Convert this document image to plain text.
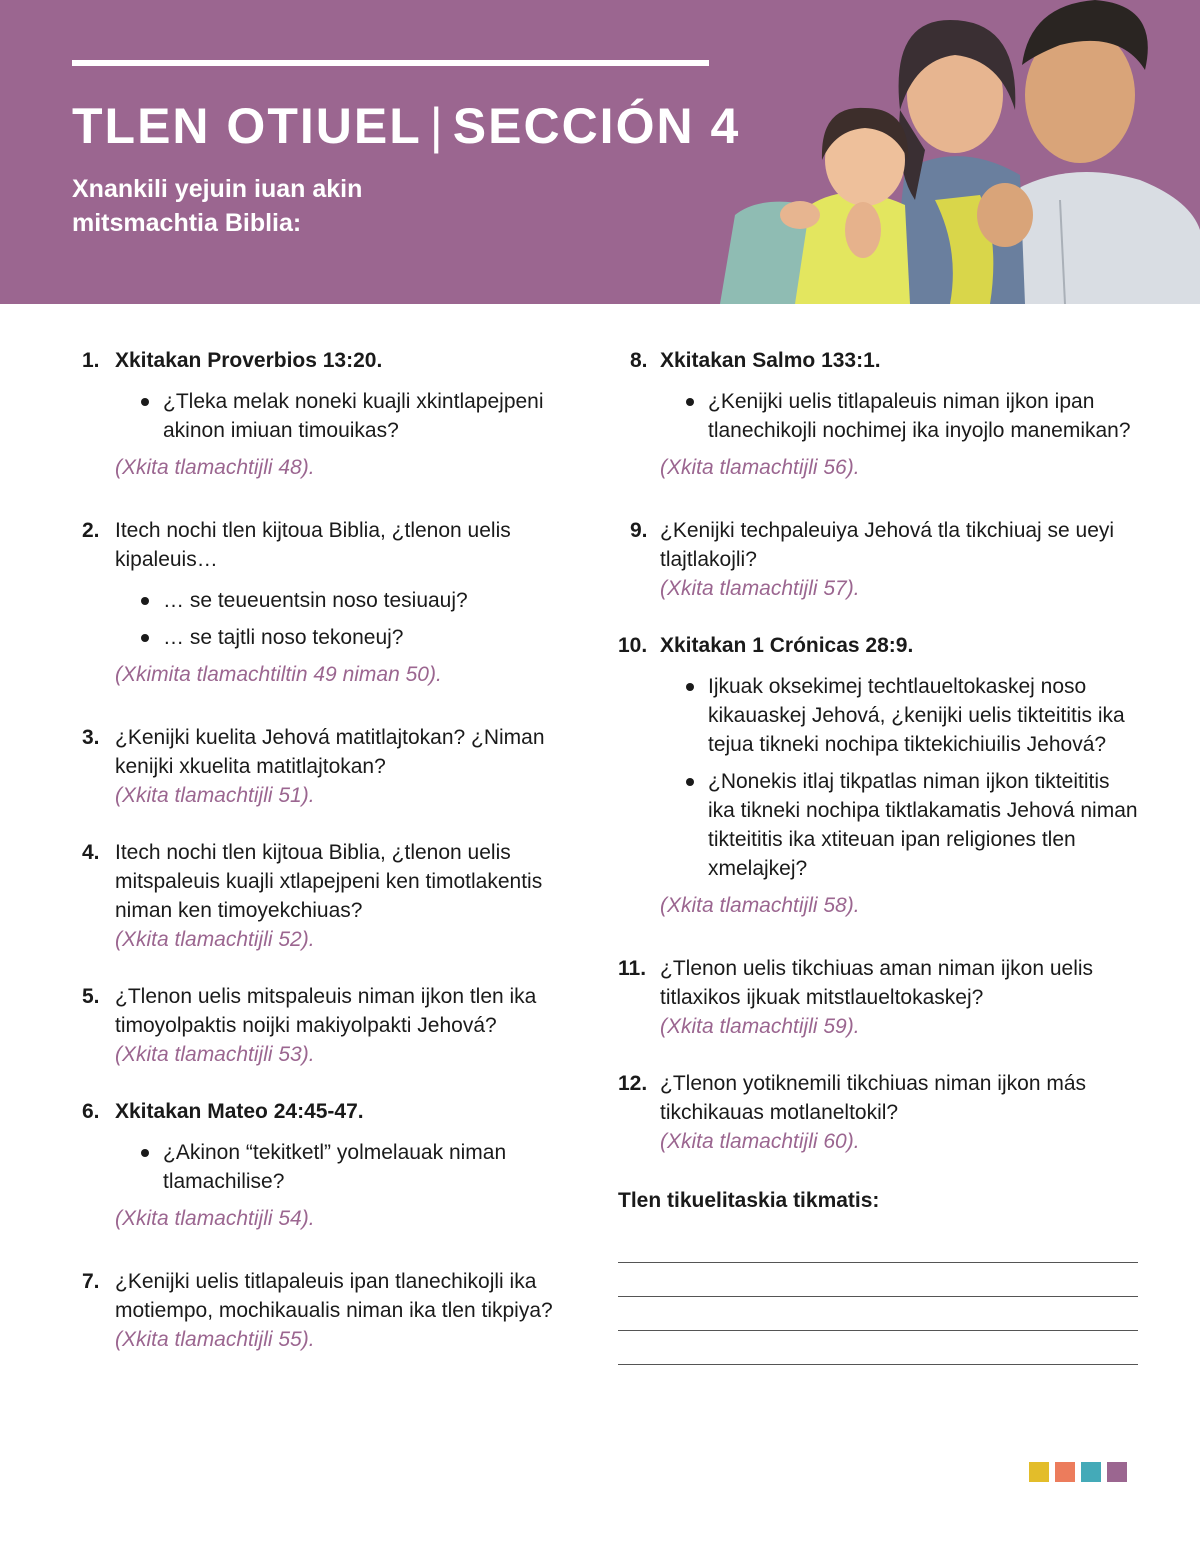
TLEN OTIUEL | SECCIÓN 4

Xnankili yejuin iuan akin mitsmachtia Biblia:

1. Xkitakan Proverbios 13:20.
¿Tleka melak noneki kuajli xkintlapejpeni akinon imiuan timouikas?
(Xkita tlamachtijli 48).
2. Itech nochi tlen kijtoua Biblia, ¿tlenon uelis kipaleuis…
… se teueuentsin noso tesiuauj?
… se tajtli noso tekoneuj?
(Xkimita tlamachtiltin 49 niman 50).
3. ¿Kenijki kuelita Jehová matitlajtokan? ¿Niman kenijki xkuelita matitlajtokan?
(Xkita tlamachtijli 51).
4. Itech nochi tlen kijtoua Biblia, ¿tlenon uelis mitspaleuis kuajli xtlapejpeni ken timotlakentis niman ken timoyekchiuas?
(Xkita tlamachtijli 52).
5. ¿Tlenon uelis mitspaleuis niman ijkon tlen ika timoyolpaktis noijki makiyolpakti Jehová?
(Xkita tlamachtijli 53).
6. Xkitakan Mateo 24:45-47.
¿Akinon “tekitketl” yolmelauak niman tlamachilise?
(Xkita tlamachtijli 54).
7. ¿Kenijki uelis titlapaleuis ipan tlanechikojli ika motiempo, mochikaualis niman ika tlen tikpiya?
(Xkita tlamachtijli 55).
8. Xkitakan Salmo 133:1.
¿Kenijki uelis titlapaleuis niman ijkon ipan tlanechikojli nochimej ika inyojlo manemikan?
(Xkita tlamachtijli 56).
9. ¿Kenijki techpaleuiya Jehová tla tikchiuaj se ueyi tlajtlakojli?
(Xkita tlamachtijli 57).
10. Xkitakan 1 Crónicas 28:9.
Ijkuak oksekimej techtlaueltokaskej noso kikauaskej Jehová, ¿kenijki uelis tikteititis ika tejua tikneki nochipa tiktekichiuilis Jehová?
¿Nonekis itlaj tikpatlas niman ijkon tikteititis ika tikneki nochipa tiktlakamatis Jehová niman tikteititis ika xtiteuan ipan religiones tlen xmelajkej?
(Xkita tlamachtijli 58).
11. ¿Tlenon uelis tikchiuas aman niman ijkon uelis titlaxikos ijkuak mitstlaueltokaskej?
(Xkita tlamachtijli 59).
12. ¿Tlenon yotiknemili tikchiuas niman ijkon más tikchikauas motlaneltokil?
(Xkita tlamachtijli 60).
Tlen tikuelitaskia tikmatis:
